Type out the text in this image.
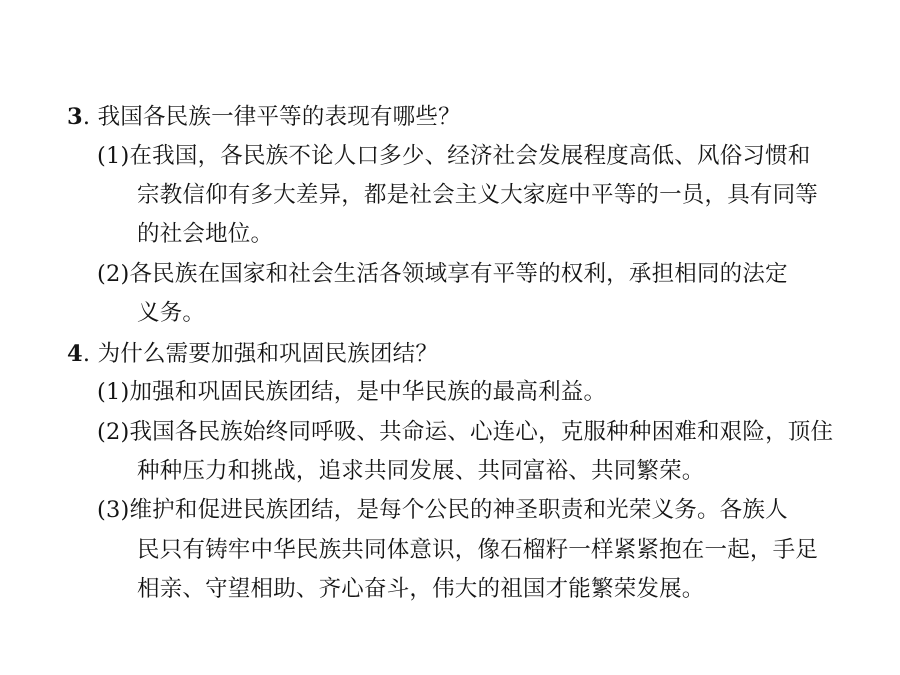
3. 我国各民族一律平等的表现有哪些？
(1)在我国，各民族不论人口多少、经济社会发展程度高低、风俗习惯和
宗教信仰有多大差异，都是社会主义大家庭中平等的一员，具有同等
的社会地位。
(2)各民族在国家和社会生活各领域享有平等的权利，承担相同的法定
义务。
4. 为什么需要加强和巩固民族团结？
(1)加强和巩固民族团结，是中华民族的最高利益。
(2)我国各民族始终同呼吸、共命运、心连心，克服种种困难和艰险，顶住
种种压力和挑战，追求共同发展、共同富裕、共同繁荣。
(3)维护和促进民族团结，是每个公民的神圣职责和光荣义务。各族人
民只有铸牢中华民族共同体意识，像石榴籽一样紧紧抱在一起，手足
相亲、守望相助、齐心奋斗，伟大的祖国才能繁荣发展。
